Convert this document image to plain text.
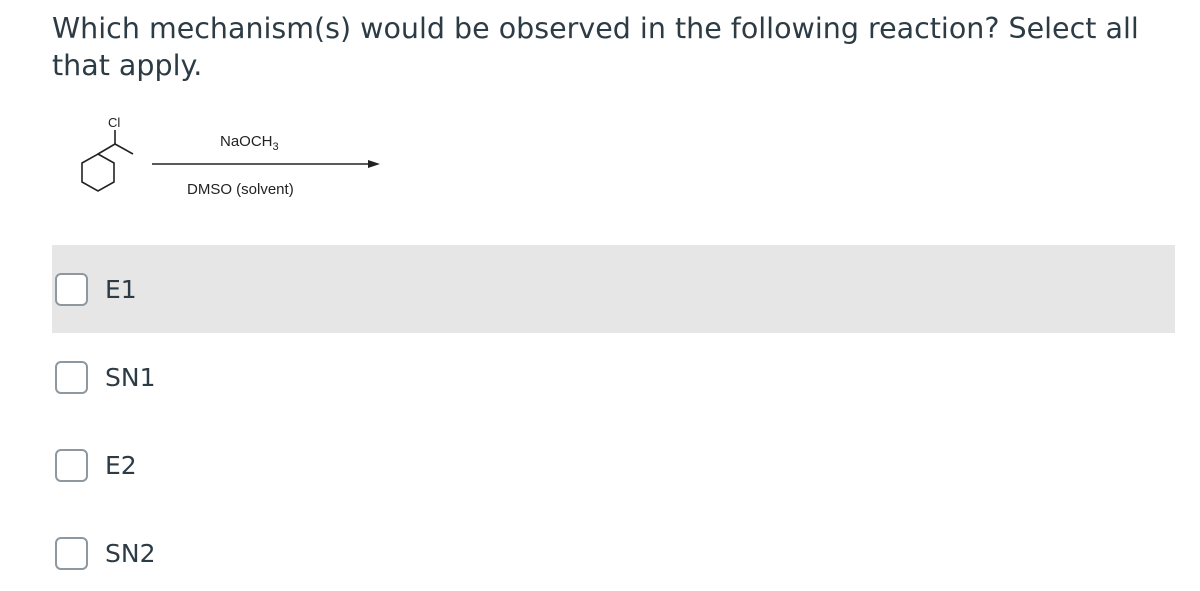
Which mechanism(s) would be observed in the following reaction? Select all that apply.

Cl
NaOCH$_3$
DMSO (solvent)
E1
SN1
E2
SN2
